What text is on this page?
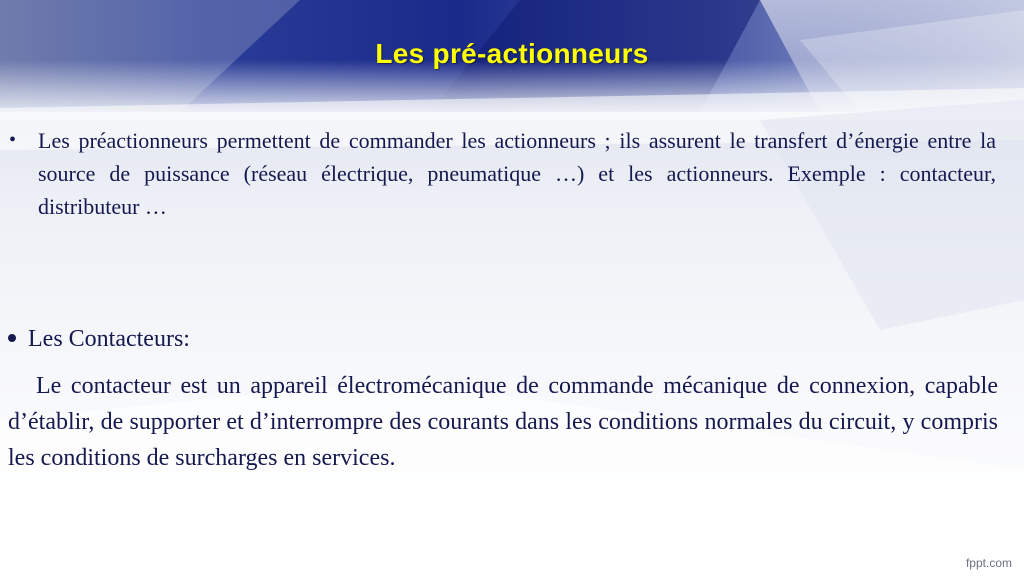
Les pré-actionneurs
• Les préactionneurs permettent de commander les actionneurs ; ils assurent le transfert d’énergie entre la source de puissance (réseau électrique, pneumatique …) et les actionneurs. Exemple : contacteur, distributeur …
Les Contacteurs:
Le contacteur est un appareil électromécanique de commande mécanique de connexion, capable d’établir, de supporter et d’interrompre des courants dans les conditions normales du circuit, y compris les conditions de surcharges en services.
fppt.com
